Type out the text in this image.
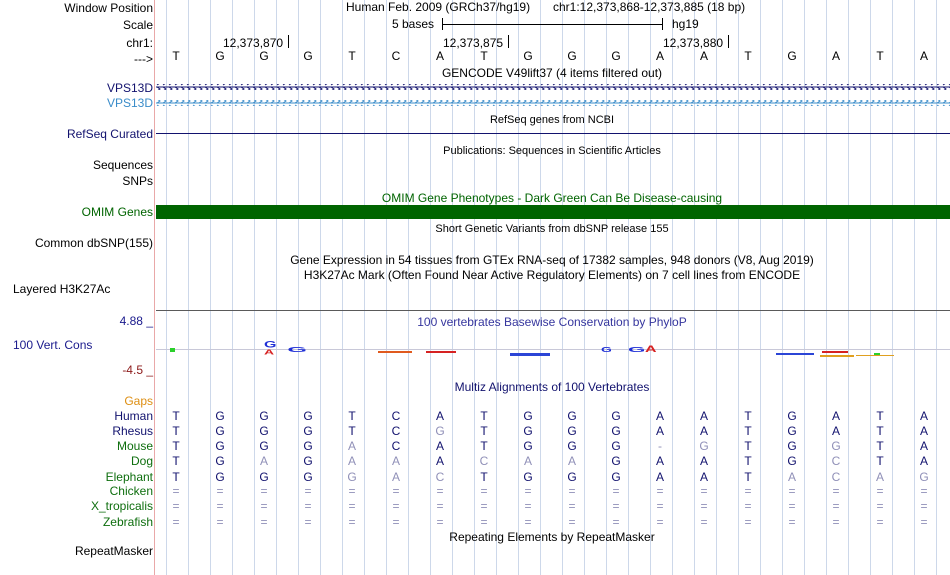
Window Position
Scale
chr1:
--->
VPS13D
VPS13D
RefSeq Curated
Sequences
SNPs
OMIM Genes
Common dbSNP(155)
Layered H3K27Ac
4.88 _
100 Vert. Cons
-4.5 _
Gaps
RepeatMasker
Human Feb. 2009 (GRCh37/hg19) chr1:12,373,868-12,373,885 (18 bp)
5 bases	hg19
12,373,870	12,373,875	12,373,880
T	G	G	G	T	C	A	T	G	G	G	A	A	T	G	A	T	A
GENCODE V49lift37 (4 items filtered out)
RefSeq genes from NCBI
Publications: Sequences in Scientific Articles
OMIM Gene Phenotypes - Dark Green Can Be Disease-causing
Short Genetic Variants from dbSNP release 155
Gene Expression in 54 tissues from GTEx RNA-seq of 17382 samples, 948 donors (V8, Aug 2019)
H3K27Ac Mark (Often Found Near Active Regulatory Elements) on 7 cell lines from ENCODE
100 vertebrates Basewise Conservation by PhyloP
G
A G	G G A
Multiz Alignments of 100 Vertebrates
Human	T	G	G	G	T	C	A	T	G	G	G	A	A	T	G	A	T	A
Rhesus	T	G	G	G	T	C	G	T	G	G	G	A	A	T	G	A	T	A
Mouse	T	G	G	G	A	C	A	T	G	G	G	-	G	T	G	G	T	A
Dog	T	G	A	G	A	A	A	C	A	A	G	A	A	T	G	C	T	A
Elephant	T	G	G	G	G	A	C	T	G	G	G	A	A	T	A	C	A	G
Chicken	=	=	=	=	=	=	=	=	=	=	=	=	=	=	=	=	=	=
X_tropicalis	=	=	=	=	=	=	=	=	=	=	=	=	=	=	=	=	=	=
Zebrafish	=	=	=	=	=	=	=	=	=	=	=	=	=	=	=	=	=	=
Repeating Elements by RepeatMasker
